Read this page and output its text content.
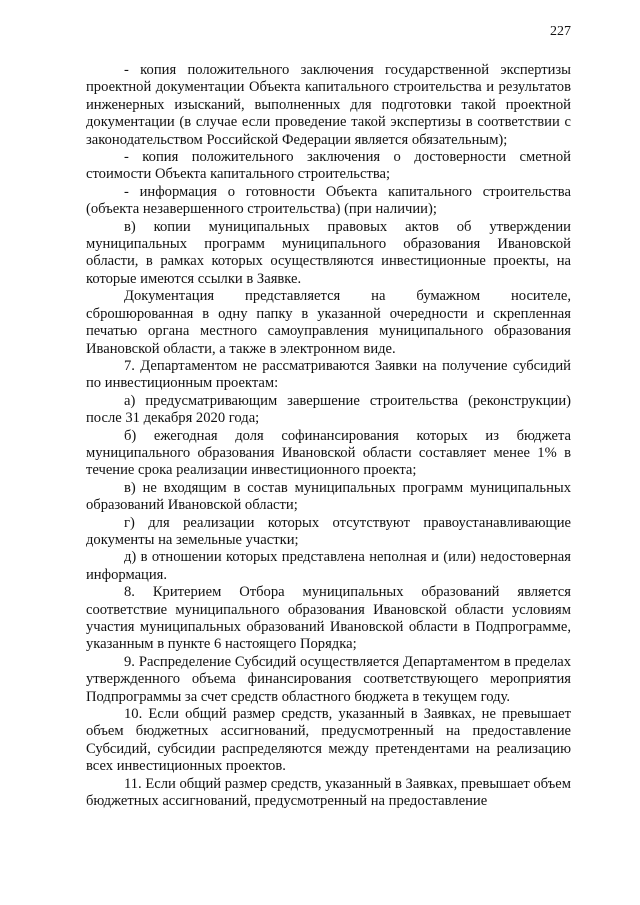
227

- копия положительного заключения государственной экспертизы проектной документации Объекта капитального строительства и результатов инженерных изысканий, выполненных для подготовки такой проектной документации (в случае если проведение такой экспертизы в соответствии с законодательством Российской Федерации является обязательным);

- копия положительного заключения о достоверности сметной стоимости Объекта капитального строительства;

- информация о готовности Объекта капитального строительства (объекта незавершенного строительства) (при наличии);

в) копии муниципальных правовых актов об утверждении муниципальных программ муниципального образования Ивановской области, в рамках которых осуществляются инвестиционные проекты, на которые имеются ссылки в Заявке.

Документация представляется на бумажном носителе, сброшюрованная в одну папку в указанной очередности и скрепленная печатью органа местного самоуправления муниципального образования Ивановской области, а также в электронном виде.

7. Департаментом не рассматриваются Заявки на получение субсидий по инвестиционным проектам:

а) предусматривающим завершение строительства (реконструкции) после 31 декабря 2020 года;

б) ежегодная доля софинансирования которых из бюджета муниципального образования Ивановской области составляет менее 1% в течение срока реализации инвестиционного проекта;

в) не входящим в состав муниципальных программ муниципальных образований Ивановской области;

г) для реализации которых отсутствуют правоустанавливающие документы на земельные участки;

д) в отношении которых представлена неполная и (или) недостоверная информация.

8. Критерием Отбора муниципальных образований является соответствие муниципального образования Ивановской области условиям участия муниципальных образований Ивановской области в Подпрограмме, указанным в пункте 6 настоящего Порядка;

9. Распределение Субсидий осуществляется Департаментом в пределах утвержденного объема финансирования соответствующего мероприятия Подпрограммы за счет средств областного бюджета в текущем году.

10. Если общий размер средств, указанный в Заявках, не превышает объем бюджетных ассигнований, предусмотренный на предоставление Субсидий, субсидии распределяются между претендентами на реализацию всех инвестиционных проектов.

11. Если общий размер средств, указанный в Заявках, превышает объем бюджетных ассигнований, предусмотренный на предоставление
